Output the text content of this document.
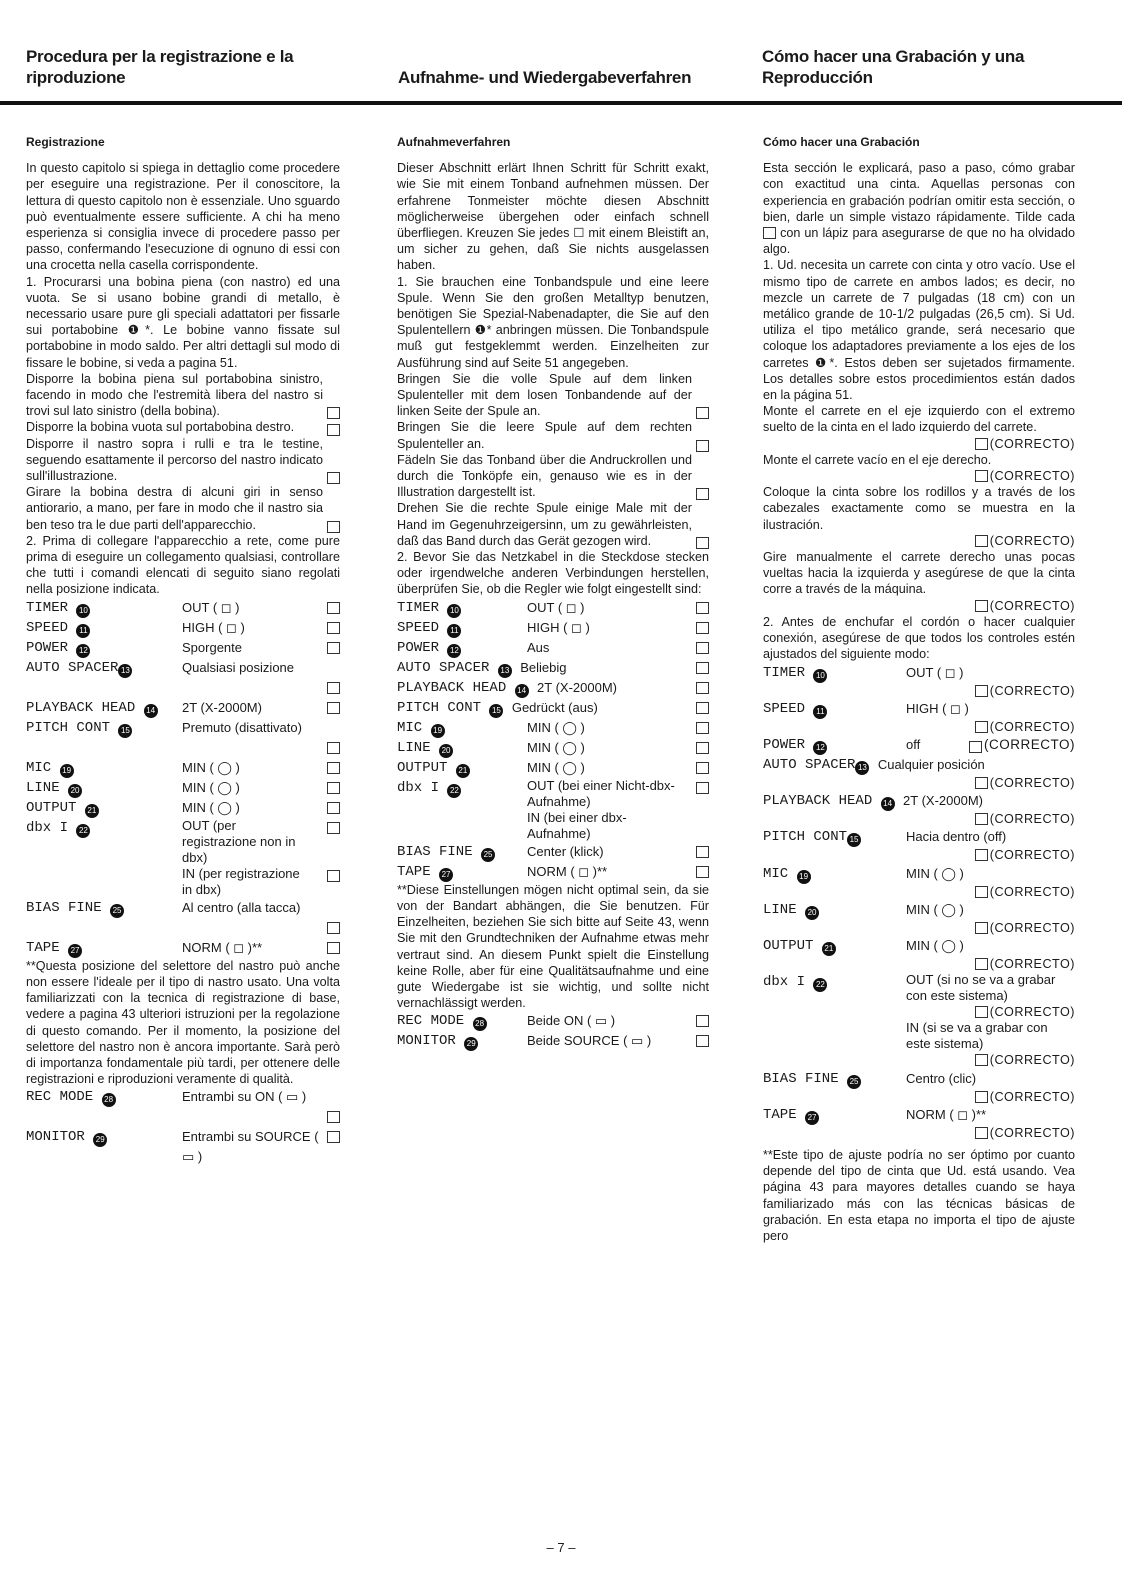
Procedura per la registrazione e la riproduzione	Aufnahme- und Wiedergabeverfahren
Cómo hacer una Grabación y una Reproducción
Registrazione
In questo capitolo si spiega in dettaglio come procedere per eseguire una registrazione. Per il conoscitore, la lettura di questo capitolo non è essenziale. Uno sguardo può eventualmente essere sufficiente. A chi ha meno esperienza si consiglia invece di procedere passo per passo, confermando l'esecuzione di ognuno di essi con una crocetta nella casella corrispondente.
1. Procurarsi una bobina piena (con nastro) ed una vuota. Se si usano bobine grandi di metallo, è necessario usare pure gli speciali adattatori per fissarle sui portabobine ❶*. Le bobine vanno fissate sul portabobine in modo saldo. Per altri dettagli sul modo di fissare le bobine, si veda a pagina 51.
Disporre la bobina piena sul portabobina sinistro, facendo in modo che l'estremità libera del nastro si trovi sul lato sinistro (della bobina).
Disporre la bobina vuota sul portabobina destro.
Disporre il nastro sopra i rulli e tra le testine, seguendo esattamente il percorso del nastro indicato sull'illustrazione.
Girare la bobina destra di alcuni giri in senso antiorario, a mano, per fare in modo che il nastro sia ben teso tra le due parti dell'apparecchio.
2. Prima di collegare l'apparecchio a rete, come pure prima di eseguire un collegamento qualsiasi, controllare che tutti i comandi elencati di seguito siano regolati nella posizione indicata.
TIMER 10	OUT ( ◻ )
SPEED 11	HIGH ( ◻ )
POWER 12	Sporgente
AUTO SPACER 13	Qualsiasi posizione
PLAYBACK HEAD 14	2T (X-2000M)
PITCH CONT 15	Premuto (disattivato)
MIC 19	MIN ( ◯ )
LINE 20	MIN ( ◯ )
OUTPUT 21	MIN ( ◯ )
dbx I 22	OUT (per registrazione non in dbx)
IN (per registrazione in dbx)
BIAS FINE 25	Al centro (alla tacca)
TAPE 27	NORM ( ◻ )**
**Questa posizione del selettore del nastro può anche non essere l'ideale per il tipo di nastro usato. Una volta familiarizzati con la tecnica di registrazione di base, vedere a pagina 43 ulteriori istruzioni per la regolazione di questo comando. Per il momento, la posizione del selettore del nastro non è ancora importante. Sarà però di importanza fondamentale più tardi, per ottenere delle registrazioni e riproduzioni veramente di qualità.
REC MODE 28	Entrambi su ON ( ▭ )
MONITOR 29	Entrambi su SOURCE ( ▭ )
Aufnahmeverfahren
Dieser Abschnitt erlärt Ihnen Schritt für Schritt exakt, wie Sie mit einem Tonband aufnehmen müssen. Der erfahrene Tonmeister möchte diesen Abschnitt möglicherweise übergehen oder einfach schnell überfliegen. Kreuzen Sie jedes ☐ mit einem Bleistift an, um sicher zu gehen, daß Sie nichts ausgelassen haben.
1. Sie brauchen eine Tonbandspule und eine leere Spule. Wenn Sie den großen Metalltyp benutzen, benötigen Sie Spezial-Nabenadapter, die Sie auf den Spulentellern ❶* anbringen müssen. Die Tonbandspule muß gut festgeklemmt werden. Einzelheiten zur Ausführung sind auf Seite 51 angegeben.
Bringen Sie die volle Spule auf dem linken Spulenteller mit dem losen Tonbandende auf der linken Seite der Spule an.
Bringen Sie die leere Spule auf dem rechten Spulenteller an.
Fädeln Sie das Tonband über die Andruckrollen und durch die Tonköpfe ein, genauso wie es in der Illustration dargestellt ist.
Drehen Sie die rechte Spule einige Male mit der Hand im Gegenuhrzeigersinn, um zu gewährleisten, daß das Band durch das Gerät gezogen wird.
2. Bevor Sie das Netzkabel in die Steckdose stecken oder irgendwelche anderen Verbindungen herstellen, überprüfen Sie, ob die Regler wie folgt eingestellt sind:
TIMER 10	OUT ( ◻ )
SPEED 11	HIGH ( ◻ )
POWER 12	Aus
AUTO SPACER 13 Beliebig
PLAYBACK HEAD 14 2T (X-2000M)
PITCH CONT 15 Gedrückt (aus)
MIC 19	MIN ( ◯ )
LINE 20	MIN ( ◯ )
OUTPUT 21	MIN ( ◯ )
dbx I 22	OUT (bei einer Nicht-dbx-Aufnahme)
IN (bei einer dbx-Aufnahme)
BIAS FINE 25	Center (klick)
TAPE 27	NORM ( ◻ )**
**Diese Einstellungen mögen nicht optimal sein, da sie von der Bandart abhängen, die Sie benutzen. Für Einzelheiten, beziehen Sie sich bitte auf Seite 43, wenn Sie mit den Grundtechniken der Aufnahme etwas mehr vertraut sind. An diesem Punkt spielt die Einstellung keine Rolle, aber für eine Qualitätsaufnahme und eine gute Wiedergabe ist sie wichtig, und sollte nicht vernachlässigt werden.
REC MODE 28	Beide ON ( ▭ )
MONITOR 29	Beide SOURCE ( ▭ )
Cómo hacer una Grabación
Esta sección le explicará, paso a paso, cómo grabar con exactitud una cinta. Aquellas personas con experiencia en grabación podrían omitir esta sección, o bien, darle un simple vistazo rápidamente. Tilde cada  con un lápiz para asegurarse de que no ha olvidado algo.
1. Ud. necesita un carrete con cinta y otro vacío. Use el mismo tipo de carrete en ambos lados; es decir, no mezcle un carrete de 7 pulgadas (18 cm) con un metálico grande de 10-1/2 pulgadas (26,5 cm). Si Ud. utiliza el tipo metálico grande, será necesario que coloque los adaptadores previamente a los ejes de los carretes ❶*. Estos deben ser sujetados firmamente. Los detalles sobre estos procedimientos están dados en la página 51.
Monte el carrete en el eje izquierdo con el extremo suelto de la cinta en el lado izquierdo del carrete.
(CORRECTO)
Monte el carrete vacío en el eje derecho.
(CORRECTO)
Coloque la cinta sobre los rodillos y a través de los cabezales exactamente como se muestra en la ilustración.
(CORRECTO)
Gire manualmente el carrete derecho unas pocas vueltas hacia la izquierda y asegúrese de que la cinta corre a través de la máquina.
(CORRECTO)
2. Antes de enchufar el cordón o hacer cualquier conexión, asegúrese de que todos los controles estén ajustados del siguiente modo:
TIMER 10	OUT ( ◻ )
(CORRECTO)
SPEED 11	HIGH ( ◻ )
(CORRECTO)
POWER 12	off	(CORRECTO)
AUTO SPACER 13 Cualquier posición
(CORRECTO)
PLAYBACK HEAD 14 2T (X-2000M)
(CORRECTO)
PITCH CONT 15	Hacia dentro (off)
(CORRECTO)
MIC 19	MIN ( ◯ )
(CORRECTO)
LINE 20	MIN ( ◯ )
(CORRECTO)
OUTPUT 21	MIN ( ◯ )
(CORRECTO)
dbx I 22	OUT (si no se va a grabar con este sistema)
(CORRECTO)
IN (si se va a grabar con este sistema)
(CORRECTO)
BIAS FINE 25	Centro (clic)
(CORRECTO)
TAPE 27	NORM ( ◻ )**
(CORRECTO)
**Este tipo de ajuste podría no ser óptimo por cuanto depende del tipo de cinta que Ud. está usando. Vea página 43 para mayores detalles cuando se haya familiarizado más con las técnicas básicas de grabación. En esta etapa no importa el tipo de ajuste pero
– 7 –
